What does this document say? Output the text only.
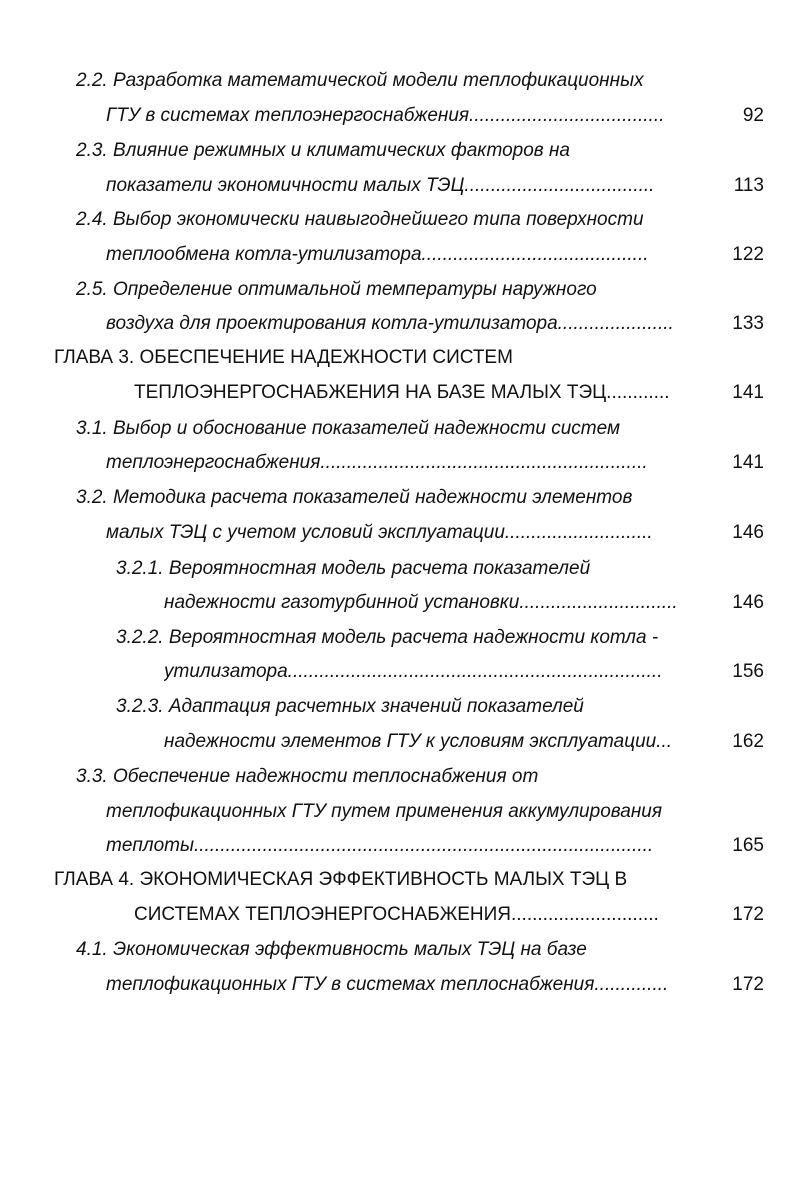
2.2. Разработка математической модели теплофикационных
ГТУ в системах теплоэнергоснабжения.....................................	92
2.3. Влияние режимных и климатических факторов на
показатели экономичности малых ТЭЦ....................................	113
2.4. Выбор экономически наивыгоднейшего типа поверхности
теплообмена котла-утилизатора...........................................	122
2.5. Определение оптимальной температуры наружного
воздуха для проектирования котла-утилизатора......................	133
ГЛАВА 3. ОБЕСПЕЧЕНИЕ НАДЕЖНОСТИ СИСТЕМ
ТЕПЛОЭНЕРГОСНАБЖЕНИЯ НА БАЗЕ МАЛЫХ ТЭЦ............	141
3.1. Выбор и обоснование показателей надежности систем
теплоэнергоснабжения..............................................................	141
3.2. Методика расчета показателей надежности элементов
малых ТЭЦ с учетом условий эксплуатации............................	146
3.2.1. Вероятностная модель расчета показателей
надежности газотурбинной установки..............................	146
3.2.2. Вероятностная модель расчета надежности котла -
утилизатора.......................................................................	156
3.2.3. Адаптация расчетных значений показателей
надежности элементов ГТУ к условиям эксплуатации...	162
3.3. Обеспечение надежности теплоснабжения от
теплофикационных ГТУ путем применения аккумулирования
теплоты.......................................................................................	165
ГЛАВА 4. ЭКОНОМИЧЕСКАЯ ЭФФЕКТИВНОСТЬ МАЛЫХ ТЭЦ В
СИСТЕМАХ ТЕПЛОЭНЕРГОСНАБЖЕНИЯ............................	172
4.1. Экономическая эффективность малых ТЭЦ на базе
теплофикационных ГТУ в системах теплоснабжения..............	172
